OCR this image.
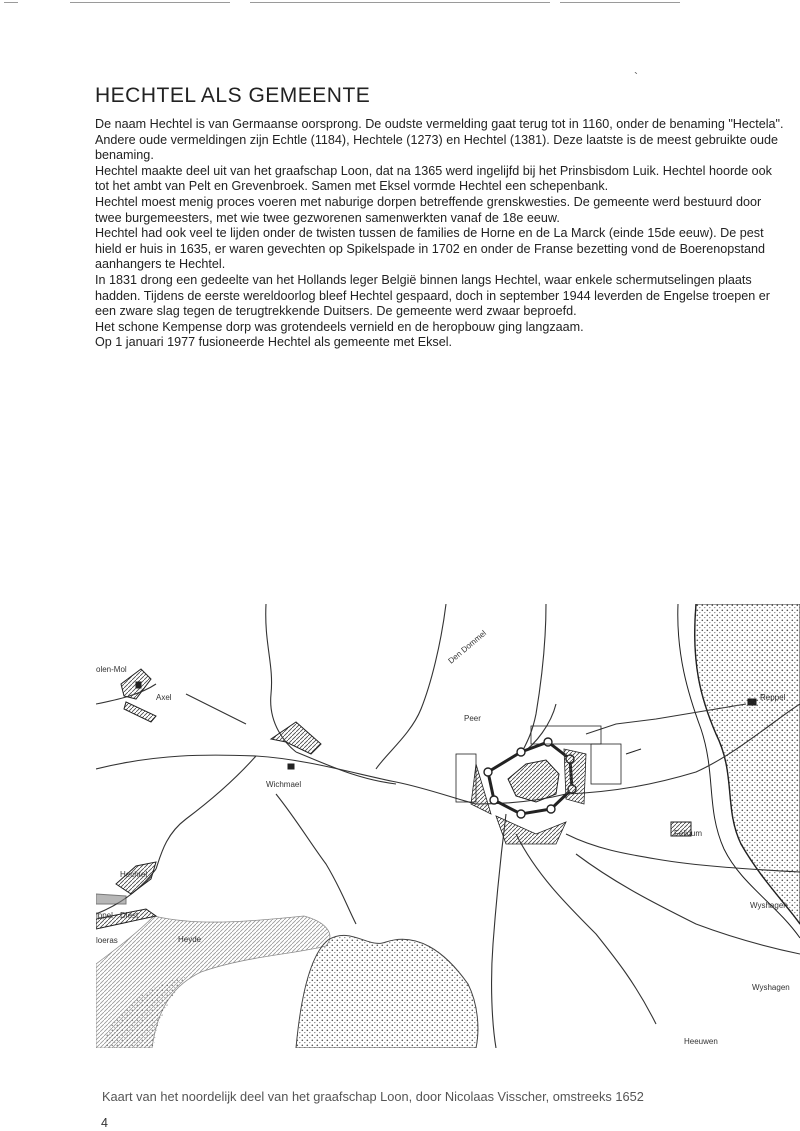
HECHTEL ALS GEMEENTE
`

De naam Hechtel is van Germaanse oorsprong. De oudste vermelding gaat terug tot in 1160, onder de benaming "Hectela".

Andere oude vermeldingen zijn Echtle (1184), Hechtele (1273) en Hechtel (1381). Deze laatste is de meest gebruikte oude benaming.

Hechtel maakte deel uit van het graafschap Loon, dat na 1365 werd ingelijfd bij het Prinsbisdom Luik. Hechtel hoorde ook tot het ambt van Pelt en Grevenbroek. Samen met Eksel vormde Hechtel een schepenbank.

Hechtel moest menig proces voeren met naburige dorpen betreffende grenskwesties. De gemeente werd bestuurd door twee burgemeesters, met wie twee gezworenen samenwerkten vanaf de 18e eeuw.

Hechtel had ook veel te lijden onder de twisten tussen de families de Horne en de La Marck (einde 15de eeuw). De pest hield er huis in 1635, er waren gevechten op Spikelspade in 1702 en onder de Franse bezetting vond de Boerenopstand aanhangers te Hechtel.

In 1831 drong een gedeelte van het Hollands leger België binnen langs Hechtel, waar enkele schermutselingen plaats hadden. Tijdens de eerste wereldoorlog bleef Hechtel gespaard, doch in september 1944 leverden de Engelse troepen er een zware slag tegen de terugtrekkende Duitsers. De gemeente werd zwaar beproefd.

Het schone Kempense dorp was grotendeels vernield en de heropbouw ging langzaam.

Op 1 januari 1977 fusioneerde Hechtel als gemeente met Eksel.

Den Dommel
Peer
Wichmael
Axel
olen-Mol
Hechtel
ippel - Diest
loeras	Heyde
Reppel
Felicum
Wyshagen
Wyshagen
Heeuwen
Kaart van het noordelijk deel van het graafschap Loon, door Nicolaas Visscher, omstreeks 1652
4
